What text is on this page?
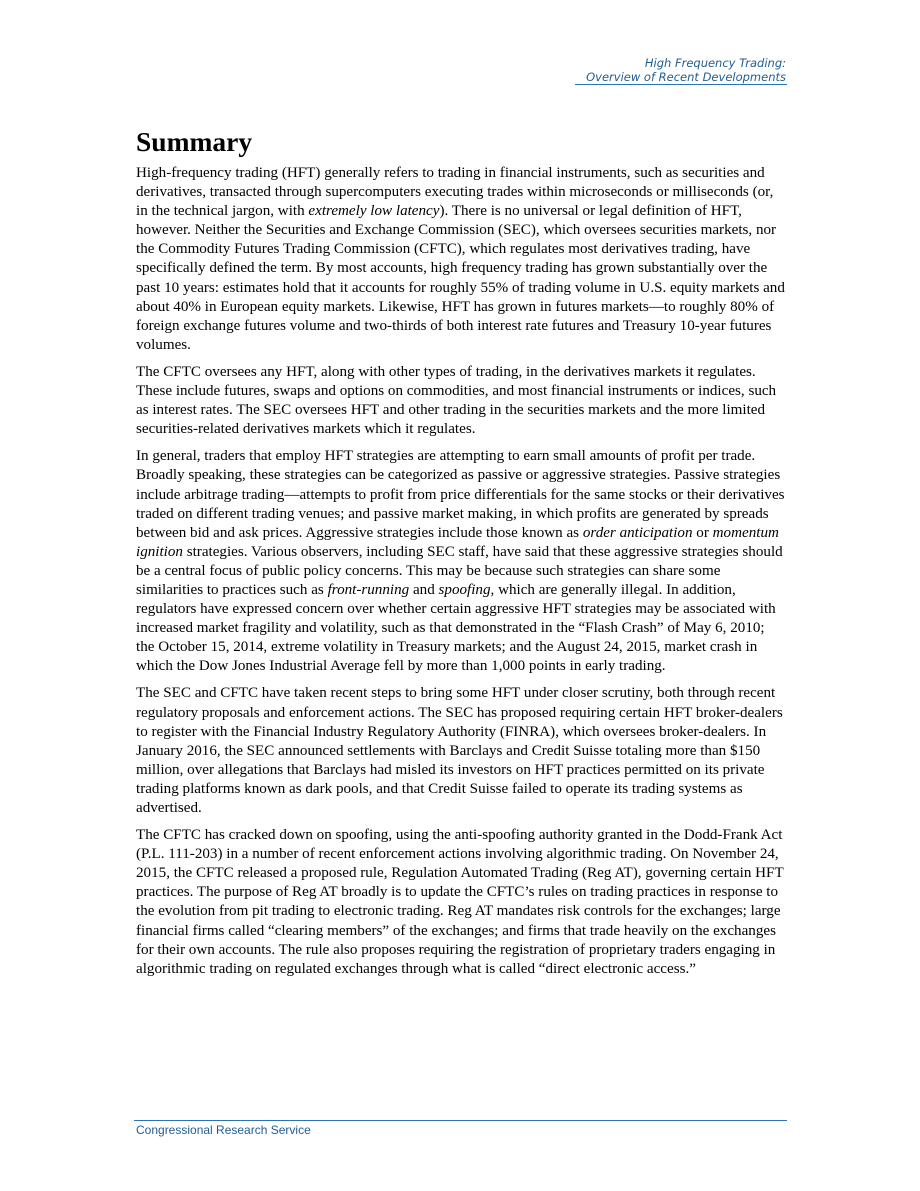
High Frequency Trading:
Overview of Recent Developments
Summary

High-frequency trading (HFT) generally refers to trading in financial instruments, such as securities and derivatives, transacted through supercomputers executing trades within microseconds or milliseconds (or, in the technical jargon, with extremely low latency). There is no universal or legal definition of HFT, however. Neither the Securities and Exchange Commission (SEC), which oversees securities markets, nor the Commodity Futures Trading Commission (CFTC), which regulates most derivatives trading, have specifically defined the term. By most accounts, high frequency trading has grown substantially over the past 10 years: estimates hold that it accounts for roughly 55% of trading volume in U.S. equity markets and about 40% in European equity markets. Likewise, HFT has grown in futures markets—to roughly 80% of foreign exchange futures volume and two-thirds of both interest rate futures and Treasury 10-year futures volumes.

The CFTC oversees any HFT, along with other types of trading, in the derivatives markets it regulates. These include futures, swaps and options on commodities, and most financial instruments or indices, such as interest rates. The SEC oversees HFT and other trading in the securities markets and the more limited securities-related derivatives markets which it regulates.

In general, traders that employ HFT strategies are attempting to earn small amounts of profit per trade. Broadly speaking, these strategies can be categorized as passive or aggressive strategies. Passive strategies include arbitrage trading—attempts to profit from price differentials for the same stocks or their derivatives traded on different trading venues; and passive market making, in which profits are generated by spreads between bid and ask prices. Aggressive strategies include those known as order anticipation or momentum ignition strategies. Various observers, including SEC staff, have said that these aggressive strategies should be a central focus of public policy concerns. This may be because such strategies can share some similarities to practices such as front-running and spoofing, which are generally illegal. In addition, regulators have expressed concern over whether certain aggressive HFT strategies may be associated with increased market fragility and volatility, such as that demonstrated in the “Flash Crash” of May 6, 2010; the October 15, 2014, extreme volatility in Treasury markets; and the August 24, 2015, market crash in which the Dow Jones Industrial Average fell by more than 1,000 points in early trading.

The SEC and CFTC have taken recent steps to bring some HFT under closer scrutiny, both through recent regulatory proposals and enforcement actions. The SEC has proposed requiring certain HFT broker-dealers to register with the Financial Industry Regulatory Authority (FINRA), which oversees broker-dealers. In January 2016, the SEC announced settlements with Barclays and Credit Suisse totaling more than $150 million, over allegations that Barclays had misled its investors on HFT practices permitted on its private trading platforms known as dark pools, and that Credit Suisse failed to operate its trading systems as advertised.

The CFTC has cracked down on spoofing, using the anti-spoofing authority granted in the Dodd-Frank Act (P.L. 111-203) in a number of recent enforcement actions involving algorithmic trading. On November 24, 2015, the CFTC released a proposed rule, Regulation Automated Trading (Reg AT), governing certain HFT practices. The purpose of Reg AT broadly is to update the CFTC’s rules on trading practices in response to the evolution from pit trading to electronic trading. Reg AT mandates risk controls for the exchanges; large financial firms called “clearing members” of the exchanges; and firms that trade heavily on the exchanges for their own accounts. The rule also proposes requiring the registration of proprietary traders engaging in algorithmic trading on regulated exchanges through what is called “direct electronic access.”

Congressional Research Service
